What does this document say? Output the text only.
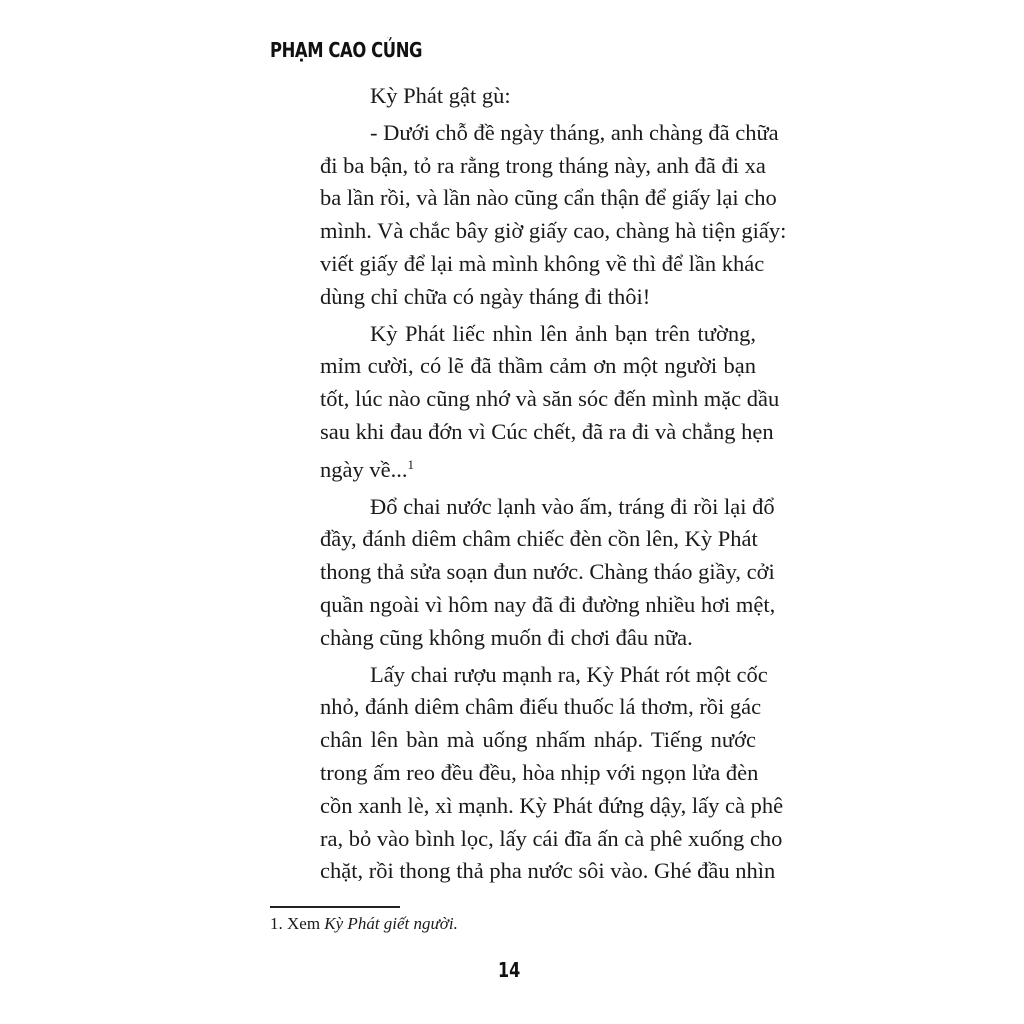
PHẠM CAO CỦNG
Kỳ Phát gật gù:
- Dưới chỗ đề ngày tháng, anh chàng đã chữa
đi ba bận, tỏ ra rằng trong tháng này, anh đã đi xa
ba lần rồi, và lần nào cũng cẩn thận để giấy lại cho
mình. Và chắc bây giờ giấy cao, chàng hà tiện giấy:
viết giấy để lại mà mình không về thì để lần khác
dùng chỉ chữa có ngày tháng đi thôi!
Kỳ Phát liếc nhìn lên ảnh bạn trên tường,
mỉm cười, có lẽ đã thầm cảm ơn một người bạn
tốt, lúc nào cũng nhớ và săn sóc đến mình mặc dầu
sau khi đau đớn vì Cúc chết, đã ra đi và chẳng hẹn
ngày về...$^1$
Đổ chai nước lạnh vào ấm, tráng đi rồi lại đổ
đầy, đánh diêm châm chiếc đèn cồn lên, Kỳ Phát
thong thả sửa soạn đun nước. Chàng tháo giầy, cởi
quần ngoài vì hôm nay đã đi đường nhiều hơi mệt,
chàng cũng không muốn đi chơi đâu nữa.
Lấy chai rượu mạnh ra, Kỳ Phát rót một cốc
nhỏ, đánh diêm châm điếu thuốc lá thơm, rồi gác
chân lên bàn mà uống nhấm nháp. Tiếng nước
trong ấm reo đều đều, hòa nhịp với ngọn lửa đèn
cồn xanh lè, xì mạnh. Kỳ Phát đứng dậy, lấy cà phê
ra, bỏ vào bình lọc, lấy cái đĩa ấn cà phê xuống cho
chặt, rồi thong thả pha nước sôi vào. Ghé đầu nhìn
1. Xem Kỳ Phát giết người.
14
